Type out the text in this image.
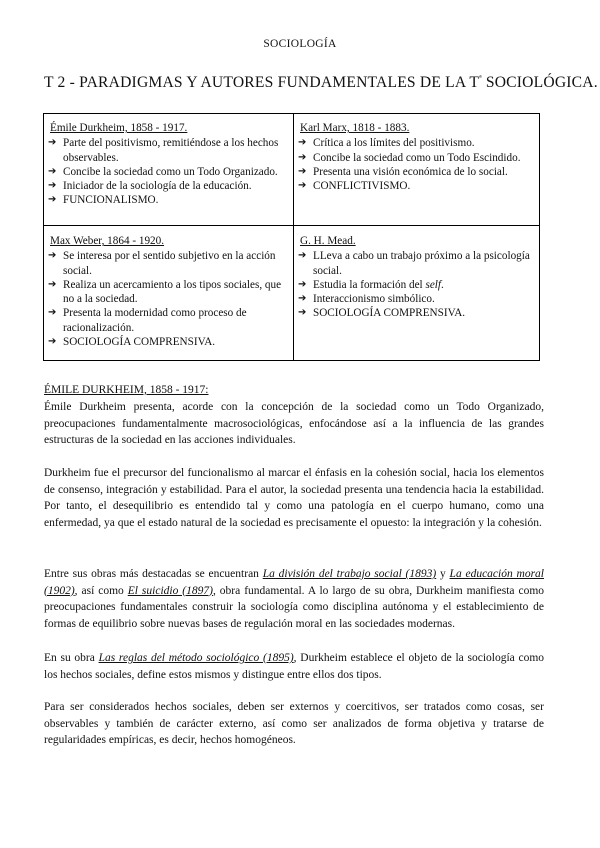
SOCIOLOGÍA
T 2 - PARADIGMAS Y AUTORES FUNDAMENTALES DE LA $T^ª$ SOCIOLÓGICA.
Émile Durkheim, 1858 - 1917.
➔ Parte del positivismo, remitiéndose a los hechos observables.
➔ Concibe la sociedad como un Todo Organizado.
➔ Iniciador de la sociología de la educación.
➔ FUNCIONALISMO.
Karl Marx, 1818 - 1883.
➔ Crítica a los límites del positivismo.
➔ Concibe la sociedad como un Todo Escindido.
➔ Presenta una visión económica de lo social.
➔ CONFLICTIVISMO.
Max Weber, 1864 - 1920.
➔ Se interesa por el sentido subjetivo en la acción social.
➔ Realiza un acercamiento a los tipos sociales, que no a la sociedad.
➔ Presenta la modernidad como proceso de racionalización.
➔ SOCIOLOGÍA COMPRENSIVA.
G. H. Mead.
➔ LLeva a cabo un trabajo próximo a la psicología social.
➔ Estudia la formación del self.
➔ Interaccionismo simbólico.
➔ SOCIOLOGÍA COMPRENSIVA.
ÉMILE DURKHEIM, 1858 - 1917:

Émile Durkheim presenta, acorde con la concepción de la sociedad como un Todo Organizado, preocupaciones fundamentalmente macrosociológicas, enfocándose así a la influencia de las grandes estructuras de la sociedad en las acciones individuales.

Durkheim fue el precursor del funcionalismo al marcar el énfasis en la cohesión social, hacia los elementos de consenso, integración y estabilidad. Para el autor, la sociedad presenta una tendencia hacia la estabilidad. Por tanto, el desequilibrio es entendido tal y como una patología en el cuerpo humano, como una enfermedad, ya que el estado natural de la sociedad es precisamente el opuesto: la integración y la cohesión.

Entre sus obras más destacadas se encuentran La división del trabajo social (1893) y La educación moral (1902), así como El suicidio (1897), obra fundamental. A lo largo de su obra, Durkheim manifiesta como preocupaciones fundamentales construir la sociología como disciplina autónoma y el establecimiento de formas de equilibrio sobre nuevas bases de regulación moral en las sociedades modernas.

En su obra Las reglas del método sociológico (1895), Durkheim establece el objeto de la sociología como los hechos sociales, define estos mismos y distingue entre ellos dos tipos.

Para ser considerados hechos sociales, deben ser externos y coercitivos, ser tratados como cosas, ser observables y también de carácter externo, así como ser analizados de forma objetiva y tratarse de regularidades empíricas, es decir, hechos homogéneos.
